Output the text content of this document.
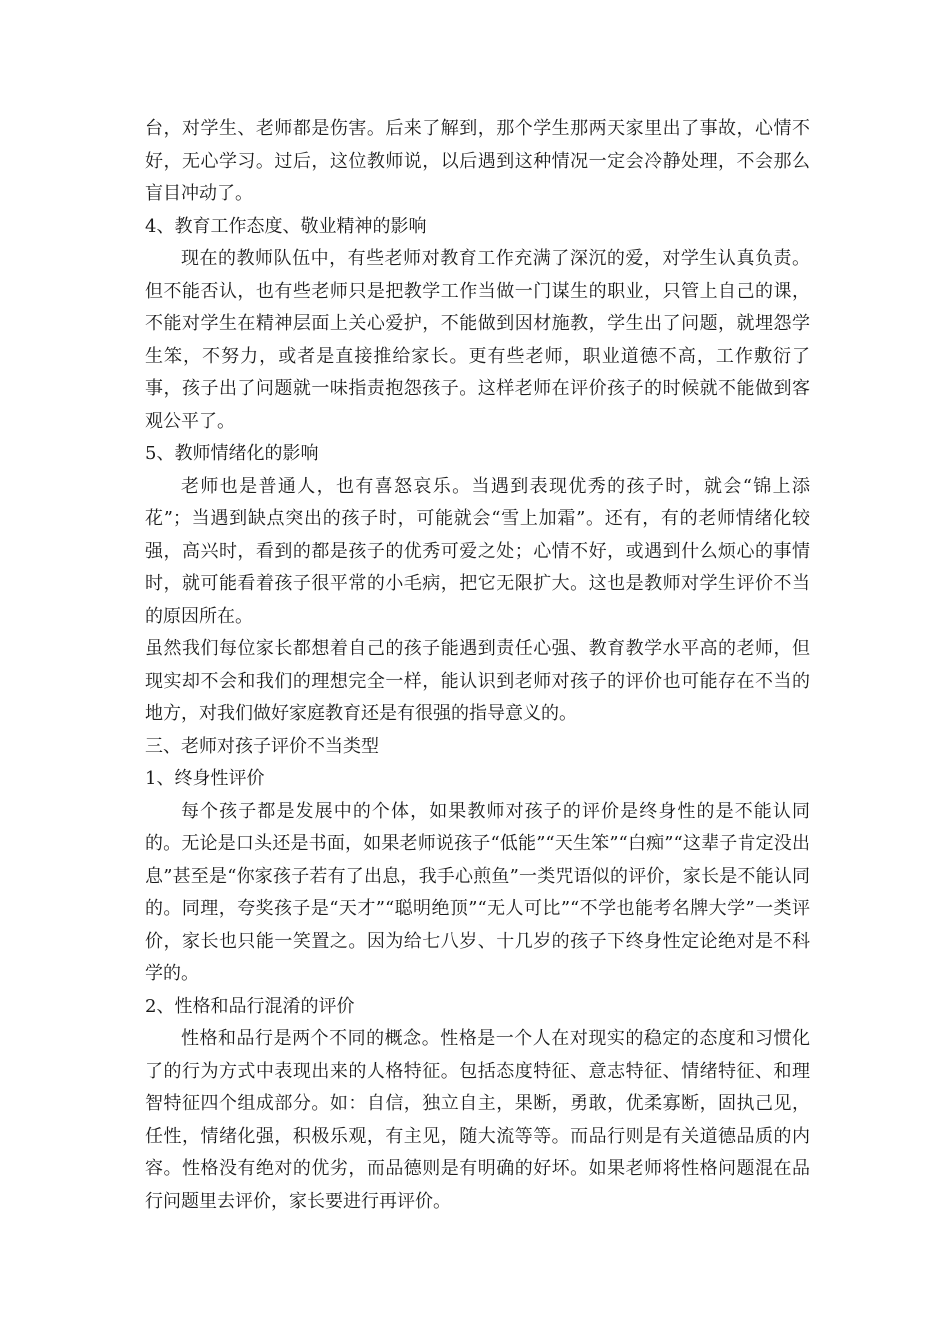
台，对学生、老师都是伤害。后来了解到，那个学生那两天家里出了事故，心情不好，无心学习。过后，这位教师说，以后遇到这种情况一定会冷静处理，不会那么盲目冲动了。

4、教育工作态度、敬业精神的影响

现在的教师队伍中，有些老师对教育工作充满了深沉的爱，对学生认真负责。但不能否认，也有些老师只是把教学工作当做一门谋生的职业，只管上自己的课，不能对学生在精神层面上关心爱护，不能做到因材施教，学生出了问题，就埋怨学生笨，不努力，或者是直接推给家长。更有些老师，职业道德不高，工作敷衍了事，孩子出了问题就一味指责抱怨孩子。这样老师在评价孩子的时候就不能做到客观公平了。

5、教师情绪化的影响

老师也是普通人，也有喜怒哀乐。当遇到表现优秀的孩子时，就会“锦上添花”；当遇到缺点突出的孩子时，可能就会“雪上加霜”。还有，有的老师情绪化较强，高兴时，看到的都是孩子的优秀可爱之处；心情不好，或遇到什么烦心的事情时，就可能看着孩子很平常的小毛病，把它无限扩大。这也是教师对学生评价不当的原因所在。

虽然我们每位家长都想着自己的孩子能遇到责任心强、教育教学水平高的老师，但现实却不会和我们的理想完全一样，能认识到老师对孩子的评价也可能存在不当的地方，对我们做好家庭教育还是有很强的指导意义的。

三、老师对孩子评价不当类型

1、终身性评价

每个孩子都是发展中的个体，如果教师对孩子的评价是终身性的是不能认同的。无论是口头还是书面，如果老师说孩子“低能”“天生笨”“白痴”“这辈子肯定没出息”甚至是“你家孩子若有了出息，我手心煎鱼”一类咒语似的评价，家长是不能认同的。同理，夸奖孩子是“天才”“聪明绝顶”“无人可比”“不学也能考名牌大学”一类评价，家长也只能一笑置之。因为给七八岁、十几岁的孩子下终身性定论绝对是不科学的。

2、性格和品行混淆的评价

性格和品行是两个不同的概念。性格是一个人在对现实的稳定的态度和习惯化了的行为方式中表现出来的人格特征。包括态度特征、意志特征、情绪特征、和理智特征四个组成部分。如：自信，独立自主，果断，勇敢，优柔寡断，固执己见，任性，情绪化强，积极乐观，有主见，随大流等等。而品行则是有关道德品质的内容。性格没有绝对的优劣，而品德则是有明确的好坏。如果老师将性格问题混在品行问题里去评价，家长要进行再评价。
